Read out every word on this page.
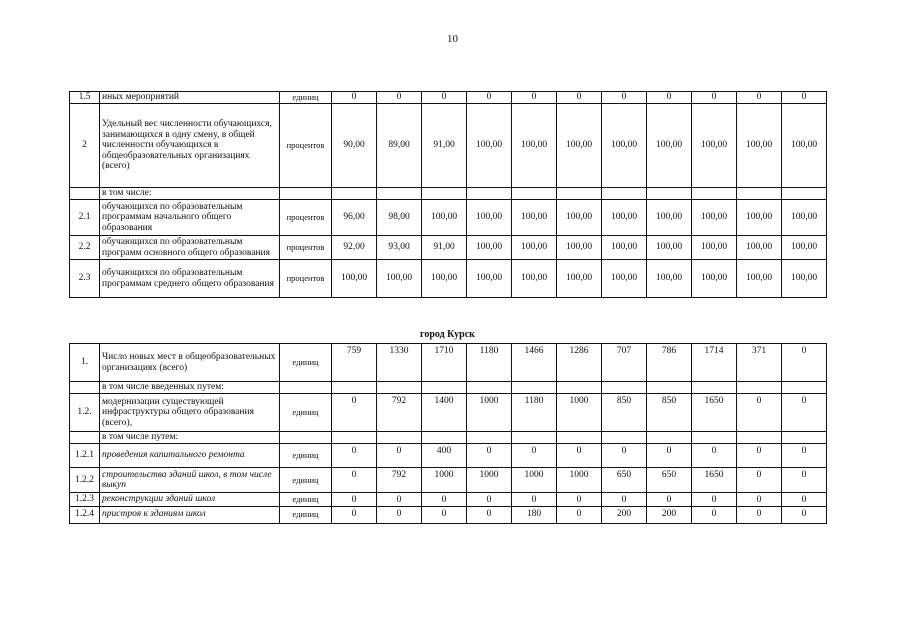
10
1.5	иных мероприятий	единиц	0	0	0	0	0	0	0	0	0	0	0
2	Удельный вес численности обучающихся, занимающихся в одну смену, в общей численности обучающихся в общеобразовательных организациях (всего)	процентов	90,00	89,00	91,00	100,00	100,00	100,00	100,00	100,00	100,00	100,00	100,00
	в том числе:												
2.1	обучающихся по образовательным программам начального общего образования	процентов	96,00	98,00	100,00	100,00	100,00	100,00	100,00	100,00	100,00	100,00	100,00
2.2	обучающихся по образовательным программ основного общего образования	процентов	92,00	93,00	91,00	100,00	100,00	100,00	100,00	100,00	100,00	100,00	100,00
2.3	обучающихся по образовательным программам среднего общего образования	процентов	100,00	100,00	100,00	100,00	100,00	100,00	100,00	100,00	100,00	100,00	100,00
город Курск
1.	Число новых мест в общеобразовательных организациях (всего)	единиц	759	1330	1710	1180	1466	1286	707	786	1714	371	0
	в том числе введенных путем:												
1.2.	модернизации существующей инфраструктуры общего образования (всего),	единиц	0	792	1400	1000	1180	1000	850	850	1650	0	0
	в том числе путем:												
1.2.1	проведения капитального ремонта	единиц	0	0	400	0	0	0	0	0	0	0	0
1.2.2	строительства зданий школ, в том числе выкуп	единиц	0	792	1000	1000	1000	1000	650	650	1650	0	0
1.2.3	реконструкции зданий школ	единиц	0	0	0	0	0	0	0	0	0	0	0
1.2.4	пристроя к зданиям школ	единиц	0	0	0	0	180	0	200	200	0	0	0
